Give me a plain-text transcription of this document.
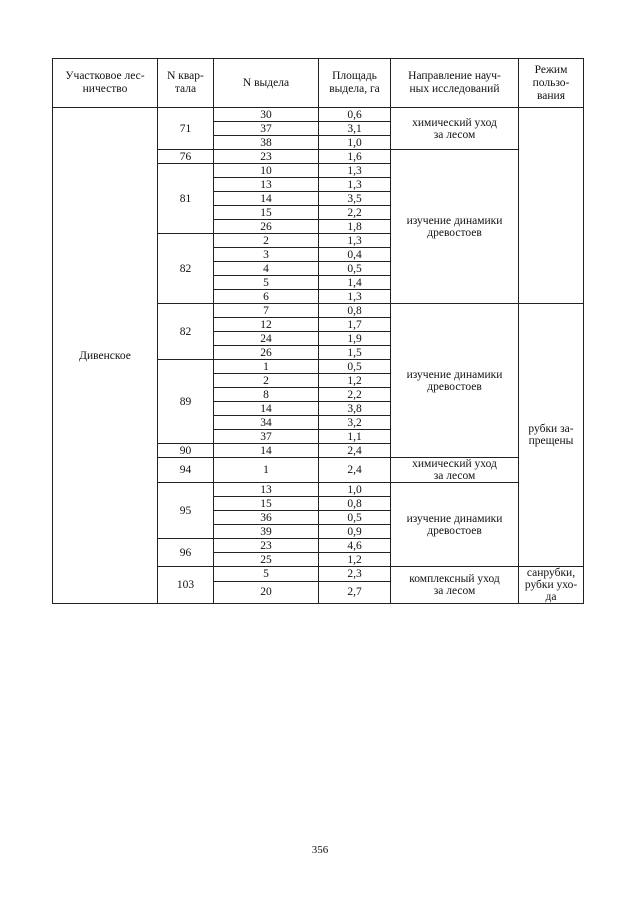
Участковое лес-
ничество	N квар-
тала	N выдела	Площадь
выдела, га	Направление науч-
ных исследований	Режим
пользо-
вания
Дивенское	71	30	0,6	химический уход
за лесом	
		37	3,1		
		38	1,0		
	76	23	1,6	изучение динамики
древостоев	
	81	10	1,3		
		13	1,3		
		14	3,5		
		15	2,2		
		26	1,8		
	82	2	1,3		
		3	0,4		
		4	0,5		
		5	1,4		
		6	1,3		
	82	7	0,8	изучение динамики
древостоев	рубки за-
прещены
		12	1,7		
		24	1,9		
		26	1,5		
	89	1	0,5		
		2	1,2		
		8	2,2		
		14	3,8		
		34	3,2		
		37	1,1		
	90	14	2,4		
	94	1	2,4	химический уход
за лесом	
	95	13	1,0	изучение динамики
древостоев	
		15	0,8		
		36	0,5		
		39	0,9		
	96	23	4,6		
		25	1,2		
	103	5	2,3	комплексный уход
за лесом	санрубки,
рубки ухо-
да
		20	2,7		
356
